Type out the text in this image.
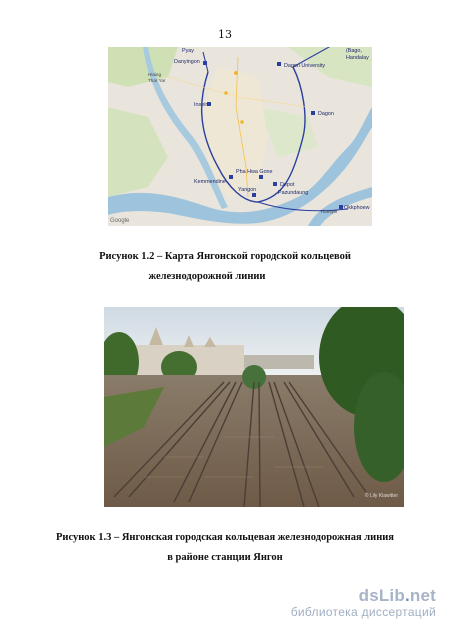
13
Pyay
Danyingon
(Bago,
Handalay
Hlaing Thar Yar
Dagon University
Insein
Dagon
Pha Hwa Gone
Kemmendine
Yangon
Depot
Pazundaung
Thanlyin
Okkphoew
Google
Рисунок 1.2 – Карта Янгонской городской кольцевой
железнодорожной линии
© Lily Klawitter
Рисунок 1.3 – Янгонская городская кольцевая железнодорожная линия
в районе станции Янгон
dsLib.net
библиотека диссертаций
